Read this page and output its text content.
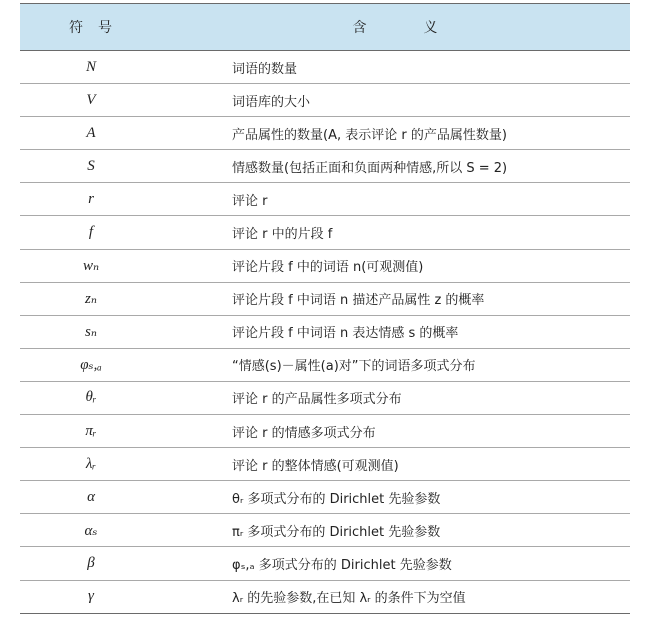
符 号	含 义
N	词语的数量
V	词语库的大小
A	产品属性的数量(A, 表示评论 r 的产品属性数量)
S	情感数量(包括正面和负面两种情感,所以 S = 2)
r	评论 r
f	评论 r 中的片段 f
wₙ	评论片段 f 中的词语 n(可观测值)
zₙ	评论片段 f 中词语 n 描述产品属性 z 的概率
sₙ	评论片段 f 中词语 n 表达情感 s 的概率
φₛ,ₐ	“情感(s)－属性(a)对”下的词语多项式分布
θᵣ	评论 r 的产品属性多项式分布
πᵣ	评论 r 的情感多项式分布
λᵣ	评论 r 的整体情感(可观测值)
α	θᵣ 多项式分布的 Dirichlet 先验参数
αₛ	πᵣ 多项式分布的 Dirichlet 先验参数
β	φₛ,ₐ 多项式分布的 Dirichlet 先验参数
γ	λᵣ 的先验参数,在已知 λᵣ 的条件下为空值
